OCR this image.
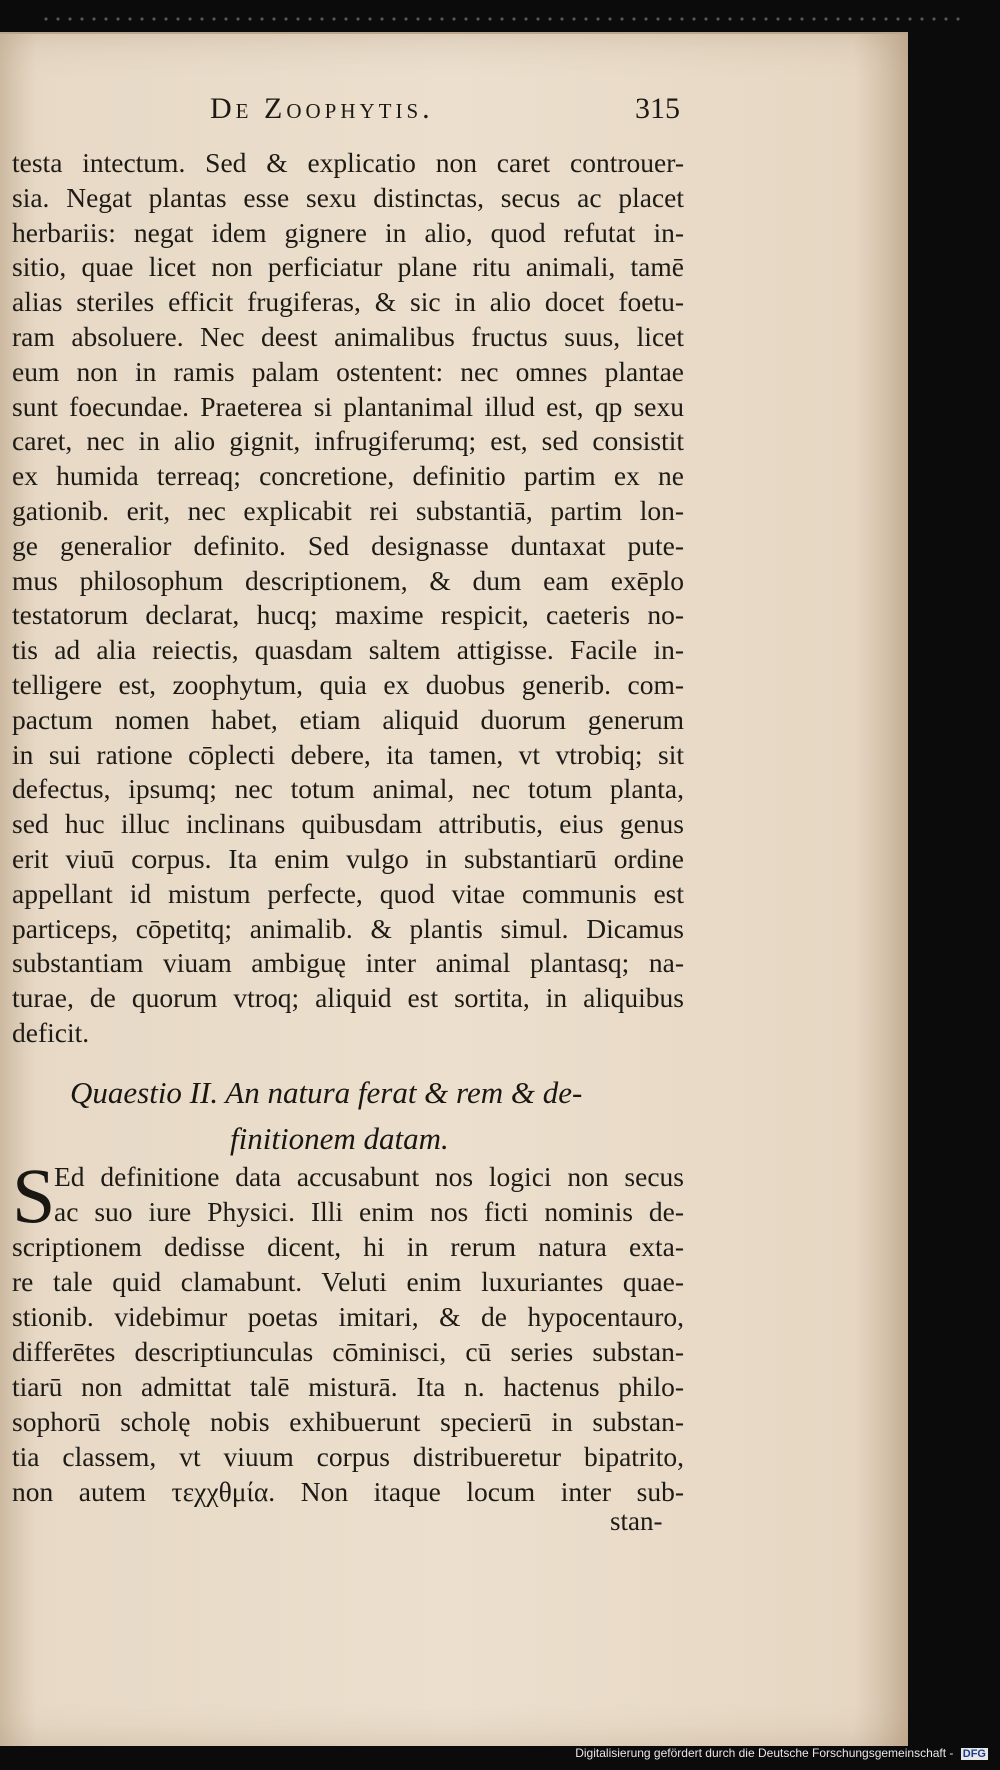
De Zoophytis.	315
testa intectum. Sed & explicatio non caret controuer-
sia. Negat plantas esse sexu distinctas, secus ac placet
herbariis: negat idem gignere in alio, quod refutat in-
sitio, quae licet non perficiatur plane ritu animali, tamē
alias steriles efficit frugiferas, & sic in alio docet foetu-
ram absoluere. Nec deest animalibus fructus suus, licet
eum non in ramis palam ostentent: nec omnes plantae
sunt foecundae. Praeterea si plantanimal illud est, qp sexu
caret, nec in alio gignit, infrugiferumq; est, sed consistit
ex humida terreaq; concretione, definitio partim ex ne
gationib. erit, nec explicabit rei substantiā, partim lon-
ge generalior definito. Sed designasse duntaxat pute-
mus philosophum descriptionem, & dum eam exēplo
testatorum declarat, hucq; maxime respicit, caeteris no-
tis ad alia reiectis, quasdam saltem attigisse. Facile in-
telligere est, zoophytum, quia ex duobus generib. com-
pactum nomen habet, etiam aliquid duorum generum
in sui ratione cōplecti debere, ita tamen, vt vtrobiq; sit
defectus, ipsumq; nec totum animal, nec totum planta,
sed huc illuc inclinans quibusdam attributis, eius genus
erit viuū corpus. Ita enim vulgo in substantiarū ordine
appellant id mistum perfecte, quod vitae communis est
particeps, cōpetitq; animalib. & plantis simul. Dicamus
substantiam viuam ambiguę inter animal plantasq; na-
turae, de quorum vtroq; aliquid est sortita, in aliquibus
deficit.
Quaestio II. An natura ferat & rem & de-
finitionem datam.
S
Ed definitione data accusabunt nos logici non secus
ac suo iure Physici. Illi enim nos ficti nominis de-
scriptionem dedisse dicent, hi in rerum natura exta-
re tale quid clamabunt. Veluti enim luxuriantes quae-
stionib. videbimur poetas imitari, & de hypocentauro,
differētes descriptiunculas cōminisci, cū series substan-
tiarū non admittat talē misturā. Ita n. hactenus philo-
sophorū scholę nobis exhibuerunt specierū in substan-
tia classem, vt viuum corpus distribueretur bipatrito,
non autem τεχχθμία. Non itaque locum inter sub-
stan-
Digitalisierung gefördert durch die Deutsche Forschungsgemeinschaft - DFG
